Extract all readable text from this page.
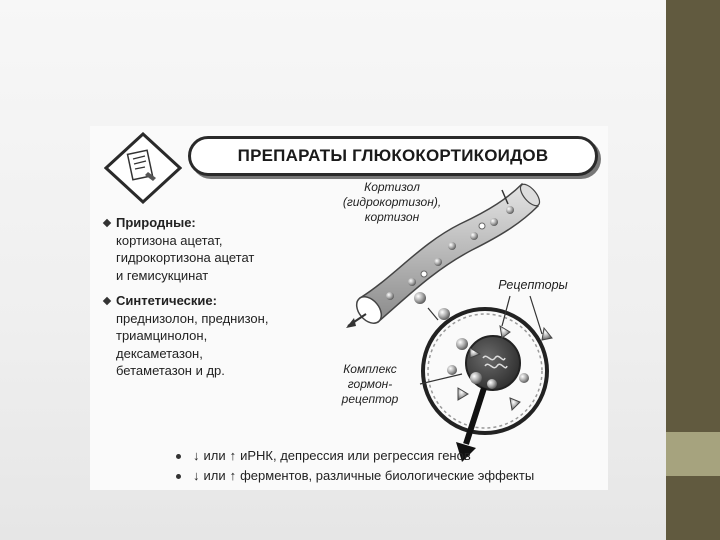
ПРЕПАРАТЫ ГЛЮКОКОРТИКОИДОВ
Природные:
кортизона ацетат,
гидрокортизона ацетат
и гемисукцинат
Синтетические:
преднизолон, преднизон,
триамцинолон,
дексаметазон,
бетаметазон и др.
Кортизол
(гидрокортизон),
кортизон
Рецепторы
Комплекс
гормон-
рецептор
↓ или ↑ иРНК, депрессия или регрессия генов
↓ или ↑ ферментов, различные биологические эффекты
